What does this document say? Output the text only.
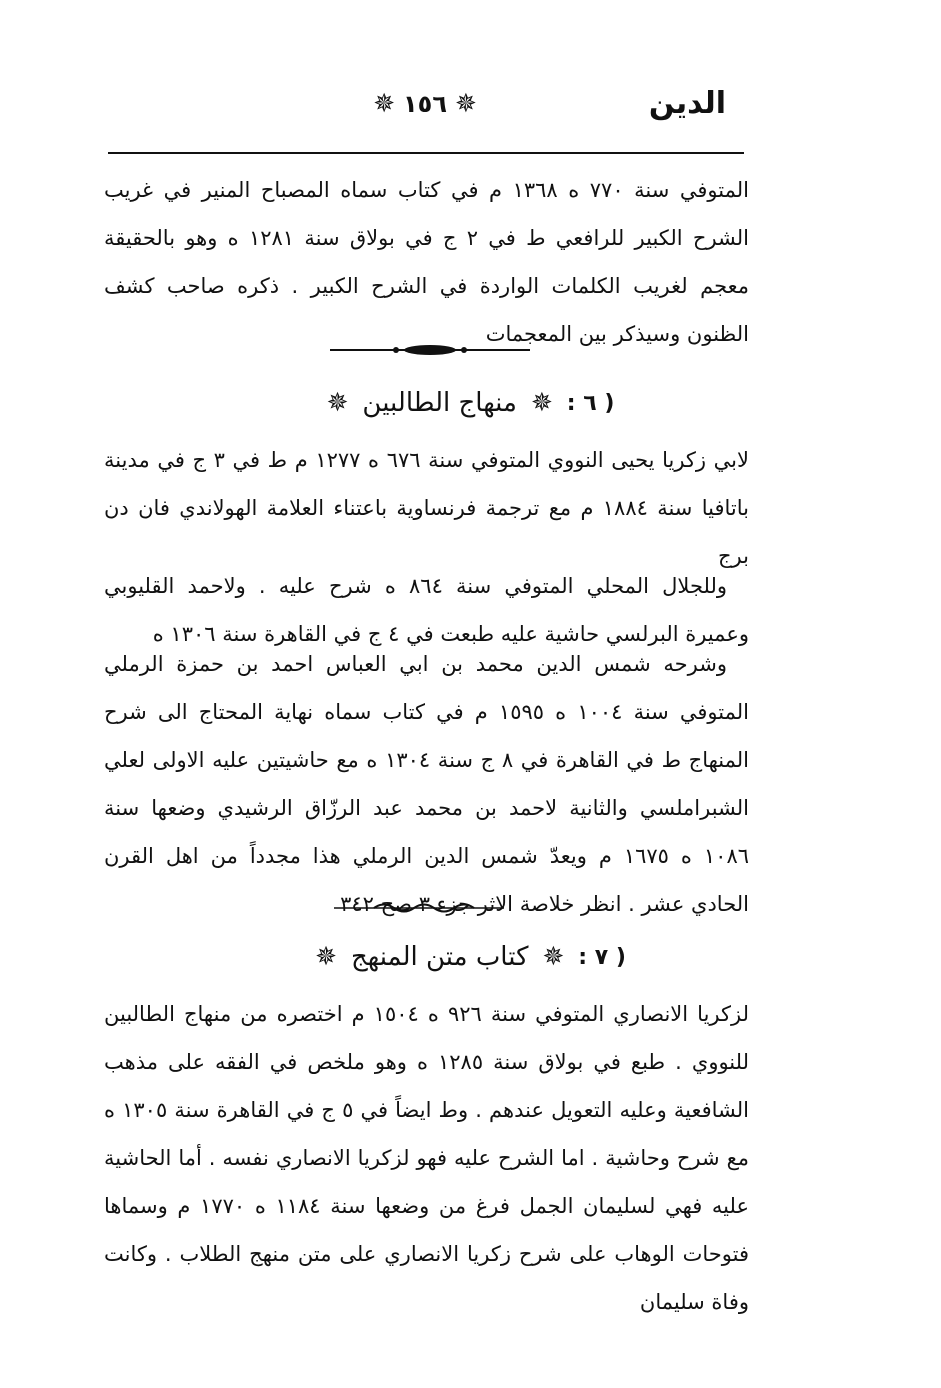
الدين
✵ ١٥٦ ✵
المتوفي سنة ٧٧٠ ه ١٣٦٨ م في كتاب سماه المصباح المنير في غريب الشرح الكبير للرافعي ط في ٢ ج في بولاق سنة ١٢٨١ ه وهو بالحقيقة معجم لغريب الكلمات الواردة في الشرح الكبير . ذكره صاحب كشف الظنون وسيذكر بين المعجمات
( ٦ :
✵
منهاج الطالبين
✵
لابي زكريا يحيى النووي المتوفي سنة ٦٧٦ ه ١٢٧٧ م ط في ٣ ج في مدينة باتافيا سنة ١٨٨٤ م مع ترجمة فرنساوية باعتناء العلامة الهولاندي فان دن برج
وللجلال المحلي المتوفي سنة ٨٦٤ ه شرح عليه . ولاحمد القليوبي وعميرة البرلسي حاشية عليه طبعت في ٤ ج في القاهرة سنة ١٣٠٦ ه
وشرحه شمس الدين محمد بن ابي العباس احمد بن حمزة الرملي المتوفي سنة ١٠٠٤ ه ١٥٩٥ م في كتاب سماه نهاية المحتاج الى شرح المنهاج ط في القاهرة في ٨ ج سنة ١٣٠٤ ه مع حاشيتين عليه الاولى لعلي الشبراملسي والثانية لاحمد بن محمد عبد الرزّاق الرشيدي وضعها سنة ١٠٨٦ ه ١٦٧٥ م ويعدّ شمس الدين الرملي هذا مجدداً من اهل القرن الحادي عشر . انظر خلاصة الاثر جزء ٣ صح ٣٤٢
( ٧ :
✵
كتاب متن المنهج
✵
لزكريا الانصاري المتوفي سنة ٩٢٦ ه ١٥٠٤ م اختصره من منهاج الطالبين للنووي . طبع في بولاق سنة ١٢٨٥ ه وهو ملخص في الفقه على مذهب الشافعية وعليه التعويل عندهم . وط ايضاً في ٥ ج في القاهرة سنة ١٣٠٥ ه مع شرح وحاشية . اما الشرح عليه فهو لزكريا الانصاري نفسه . أما الحاشية عليه فهي لسليمان الجمل فرغ من وضعها سنة ١١٨٤ ه ١٧٧٠ م وسماها فتوحات الوهاب على شرح زكريا الانصاري على متن منهج الطلاب . وكانت وفاة سليمان
